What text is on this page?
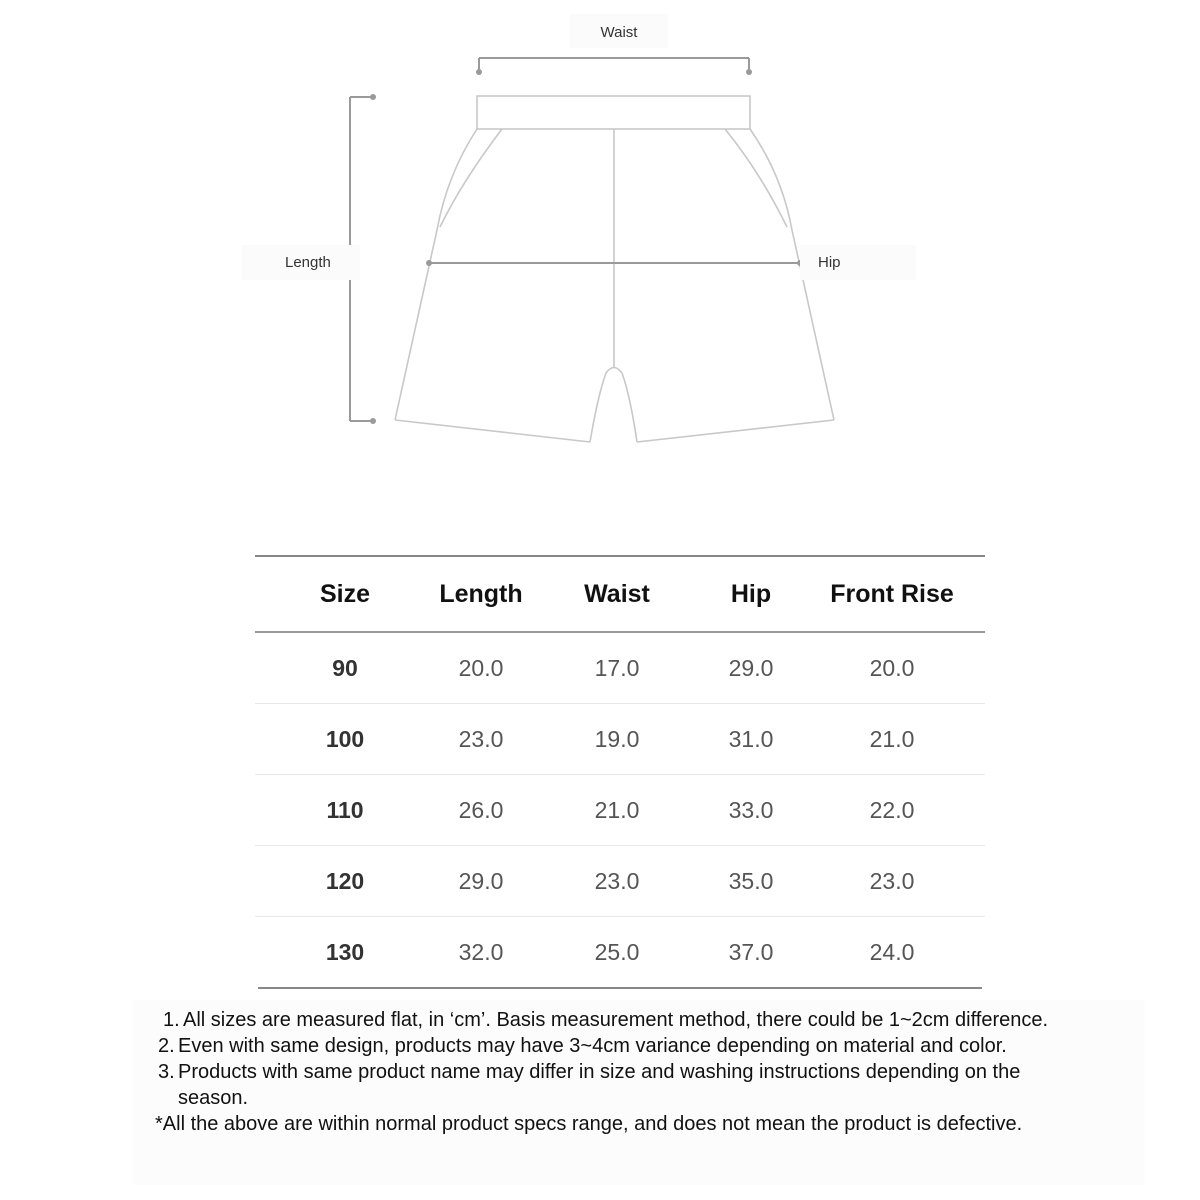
Waist
Length	Hip
Size	Length	Waist	Hip	Front Rise
90	20.0	17.0	29.0	20.0
100	23.0	19.0	31.0	21.0
110	26.0	21.0	33.0	22.0
120	29.0	23.0	35.0	23.0
130	32.0	25.0	37.0	24.0
1. All sizes are measured flat, in ‘cm’. Basis measurement method, there could be 1~2cm difference.
2. Even with same design, products may have 3~4cm variance depending on material and color.
3. Products with same product name may differ in size and washing instructions depending on the
season.
*All the above are within normal product specs range, and does not mean the product is defective.
